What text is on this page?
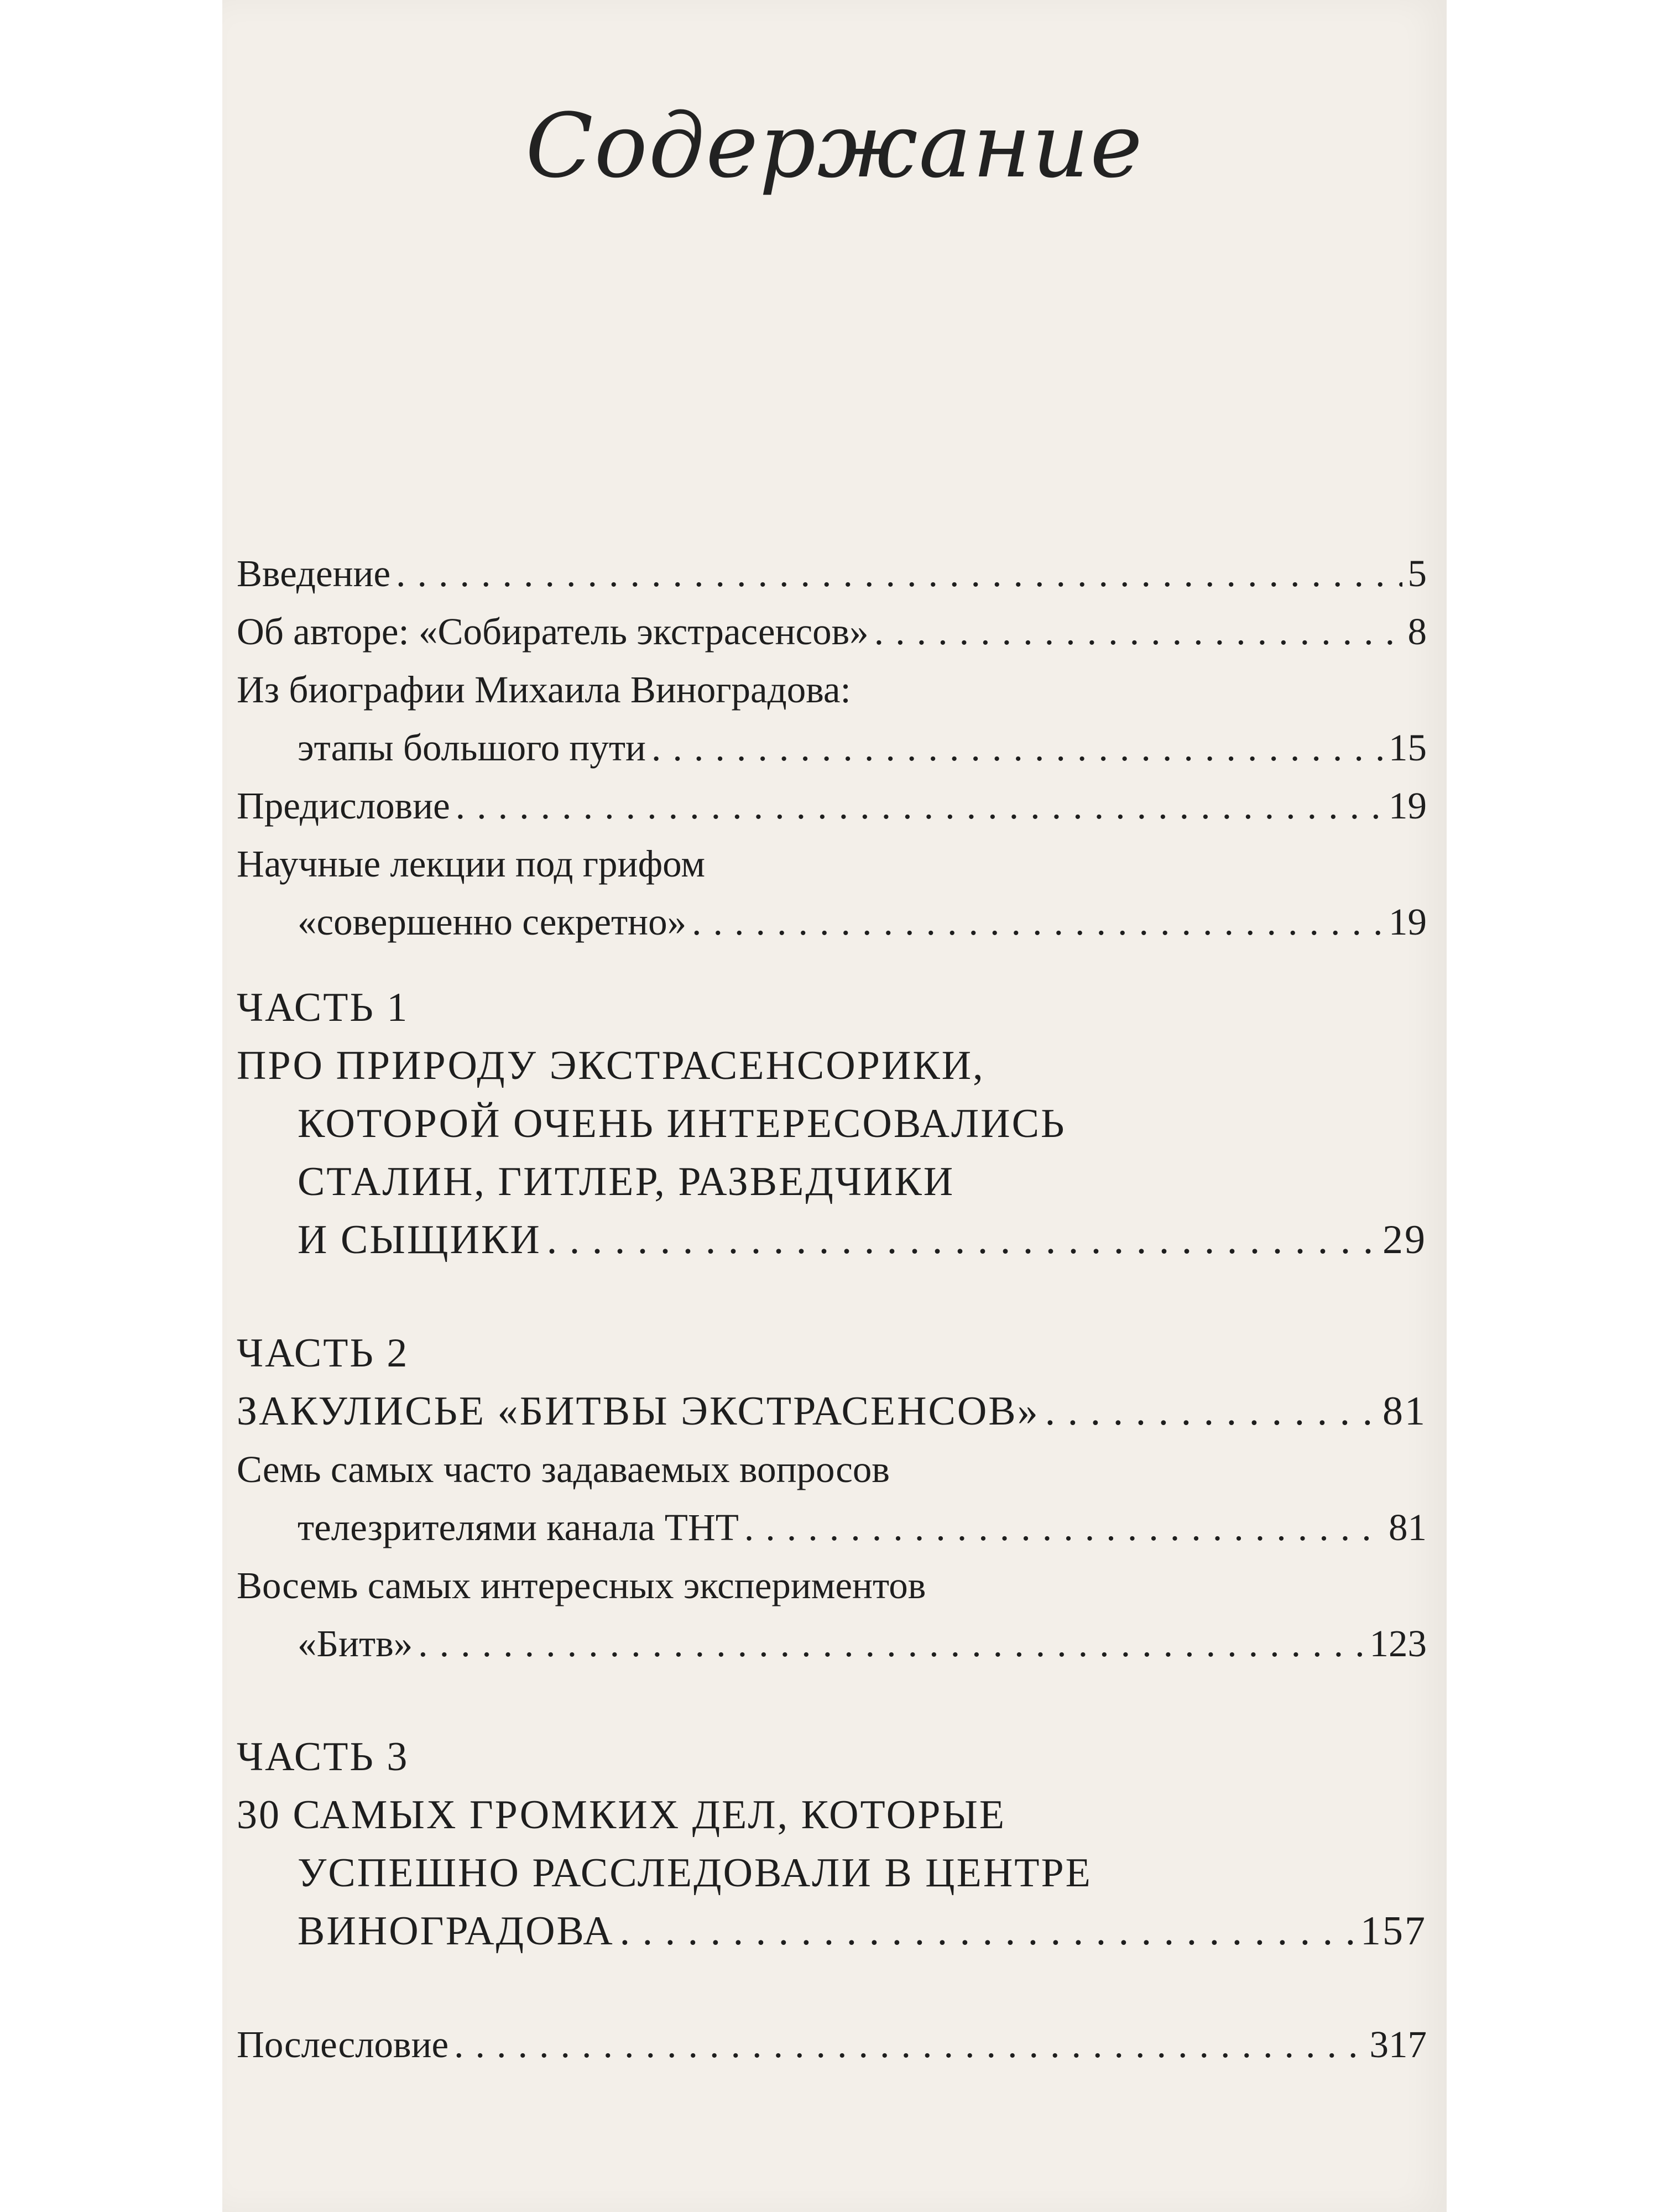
Содержание
Введение . . .	5
Об авторе: «Собиратель экстрасенсов» . . .	8
Из биографии Михаила Виноградова:
этапы большого пути . . .	15
Предисловие . . .	19
Научные лекции под грифом
«совершенно секретно» . . .	19
ЧАСТЬ 1
ПРО ПРИРОДУ ЭКСТРАСЕНСОРИКИ,
КОТОРОЙ ОЧЕНЬ ИНТЕРЕСОВАЛИСЬ
СТАЛИН, ГИТЛЕР, РАЗВЕДЧИКИ
И СЫЩИКИ . . .	29
ЧАСТЬ 2
ЗАКУЛИСЬЕ «БИТВЫ ЭКСТРАСЕНСОВ» . . .	81
Семь самых часто задаваемых вопросов
телезрителями канала ТНТ . . .	81
Восемь самых интересных экспериментов
«Битв» . . .	123
ЧАСТЬ 3
30 САМЫХ ГРОМКИХ ДЕЛ, КОТОРЫЕ
УСПЕШНО РАССЛЕДОВАЛИ В ЦЕНТРЕ
ВИНОГРАДОВА . . .	157
Послесловие . . .	317
